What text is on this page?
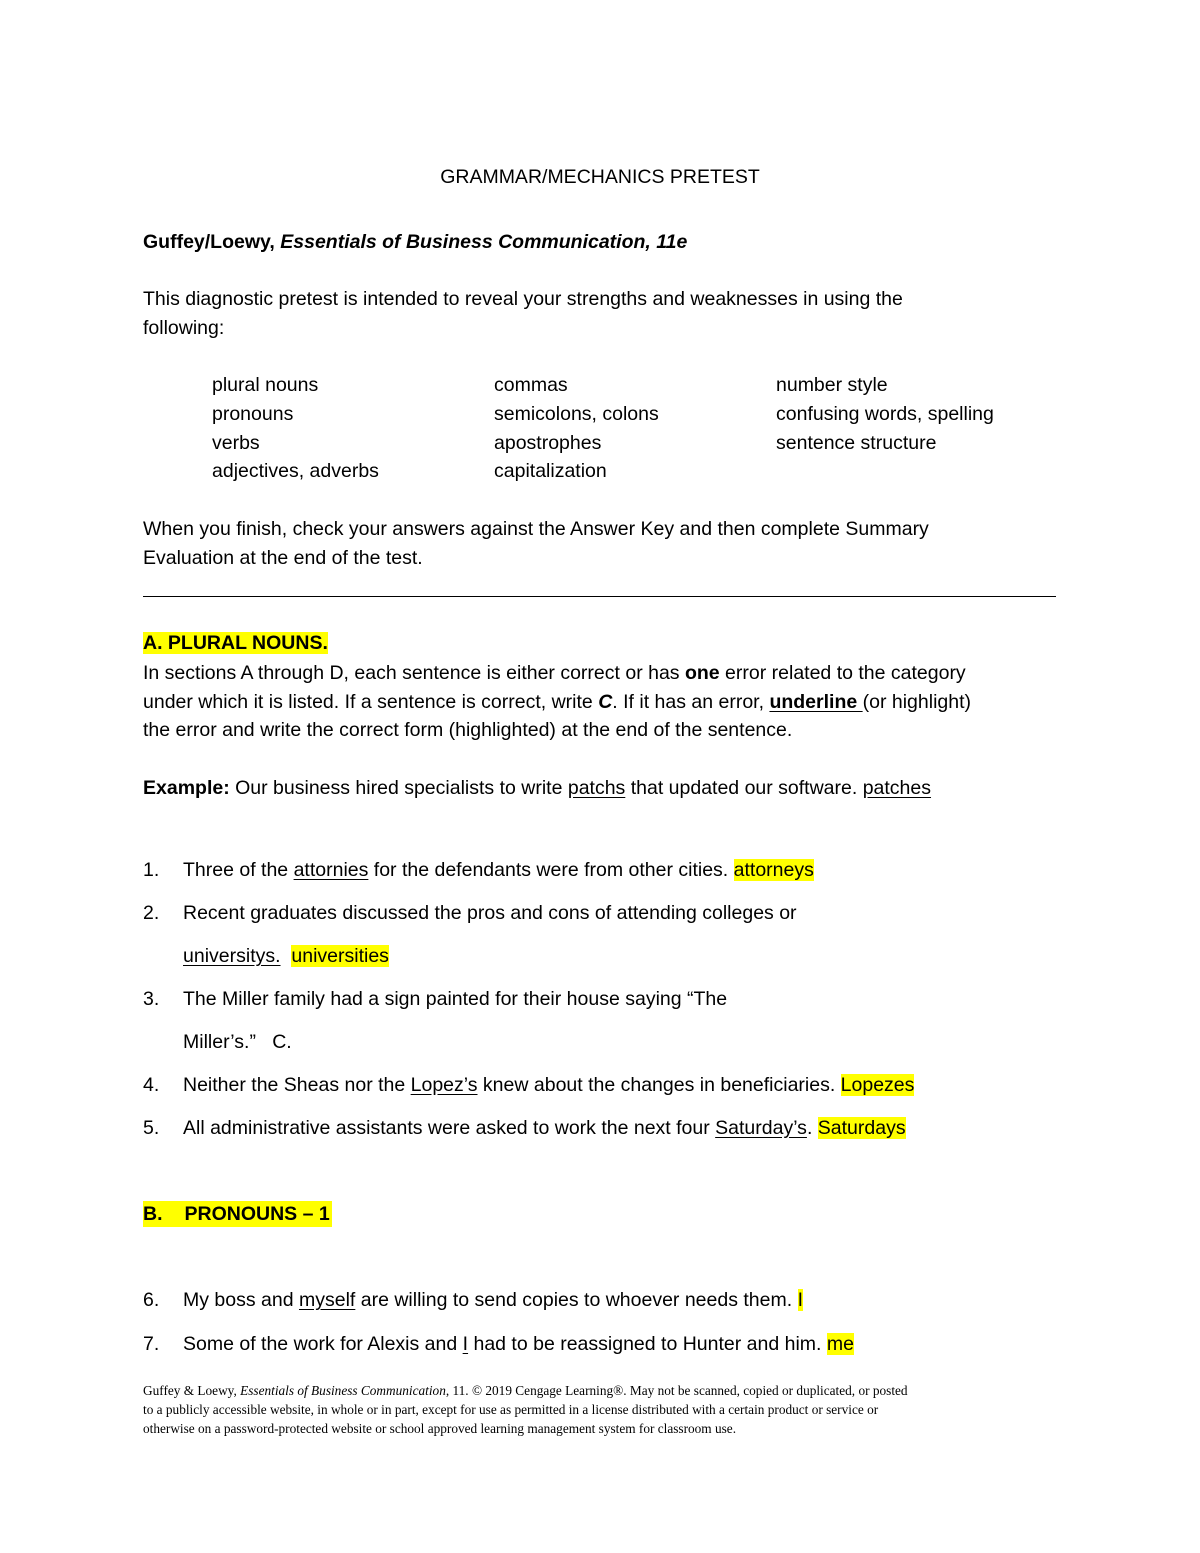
GRAMMAR/MECHANICS PRETEST
Guffey/Loewy, Essentials of Business Communication, 11e
This diagnostic pretest is intended to reveal your strengths and weaknesses in using the
following:
plural nouns
pronouns
verbs
adjectives, adverbs
commas
semicolons, colons
apostrophes
capitalization
number style
confusing words, spelling
sentence structure
When you finish, check your answers against the Answer Key and then complete Summary
Evaluation at the end of the test.
A. PLURAL NOUNS.
In sections A through D, each sentence is either correct or has one error related to the category
under which it is listed. If a sentence is correct, write C. If it has an error, underline (or highlight)
the error and write the correct form (highlighted) at the end of the sentence.
Example: Our business hired specialists to write patchs that updated our software. patches
1. Three of the attornies for the defendants were from other cities. attorneys
2. Recent graduates discussed the pros and cons of attending colleges or
universitys. universities
3. The Miller family had a sign painted for their house saying “The
Miller’s.”   C.
4. Neither the Sheas nor the Lopez’s knew about the changes in beneficiaries. Lopezes
5. All administrative assistants were asked to work the next four Saturday’s. Saturdays
B. PRONOUNS – 1
6. My boss and myself are willing to send copies to whoever needs them. I
7. Some of the work for Alexis and I had to be reassigned to Hunter and him. me
Guffey & Loewy, Essentials of Business Communication, 11. © 2019 Cengage Learning®. May not be scanned, copied or duplicated, or posted
to a publicly accessible website, in whole or in part, except for use as permitted in a license distributed with a certain product or service or
otherwise on a password-protected website or school approved learning management system for classroom use.
